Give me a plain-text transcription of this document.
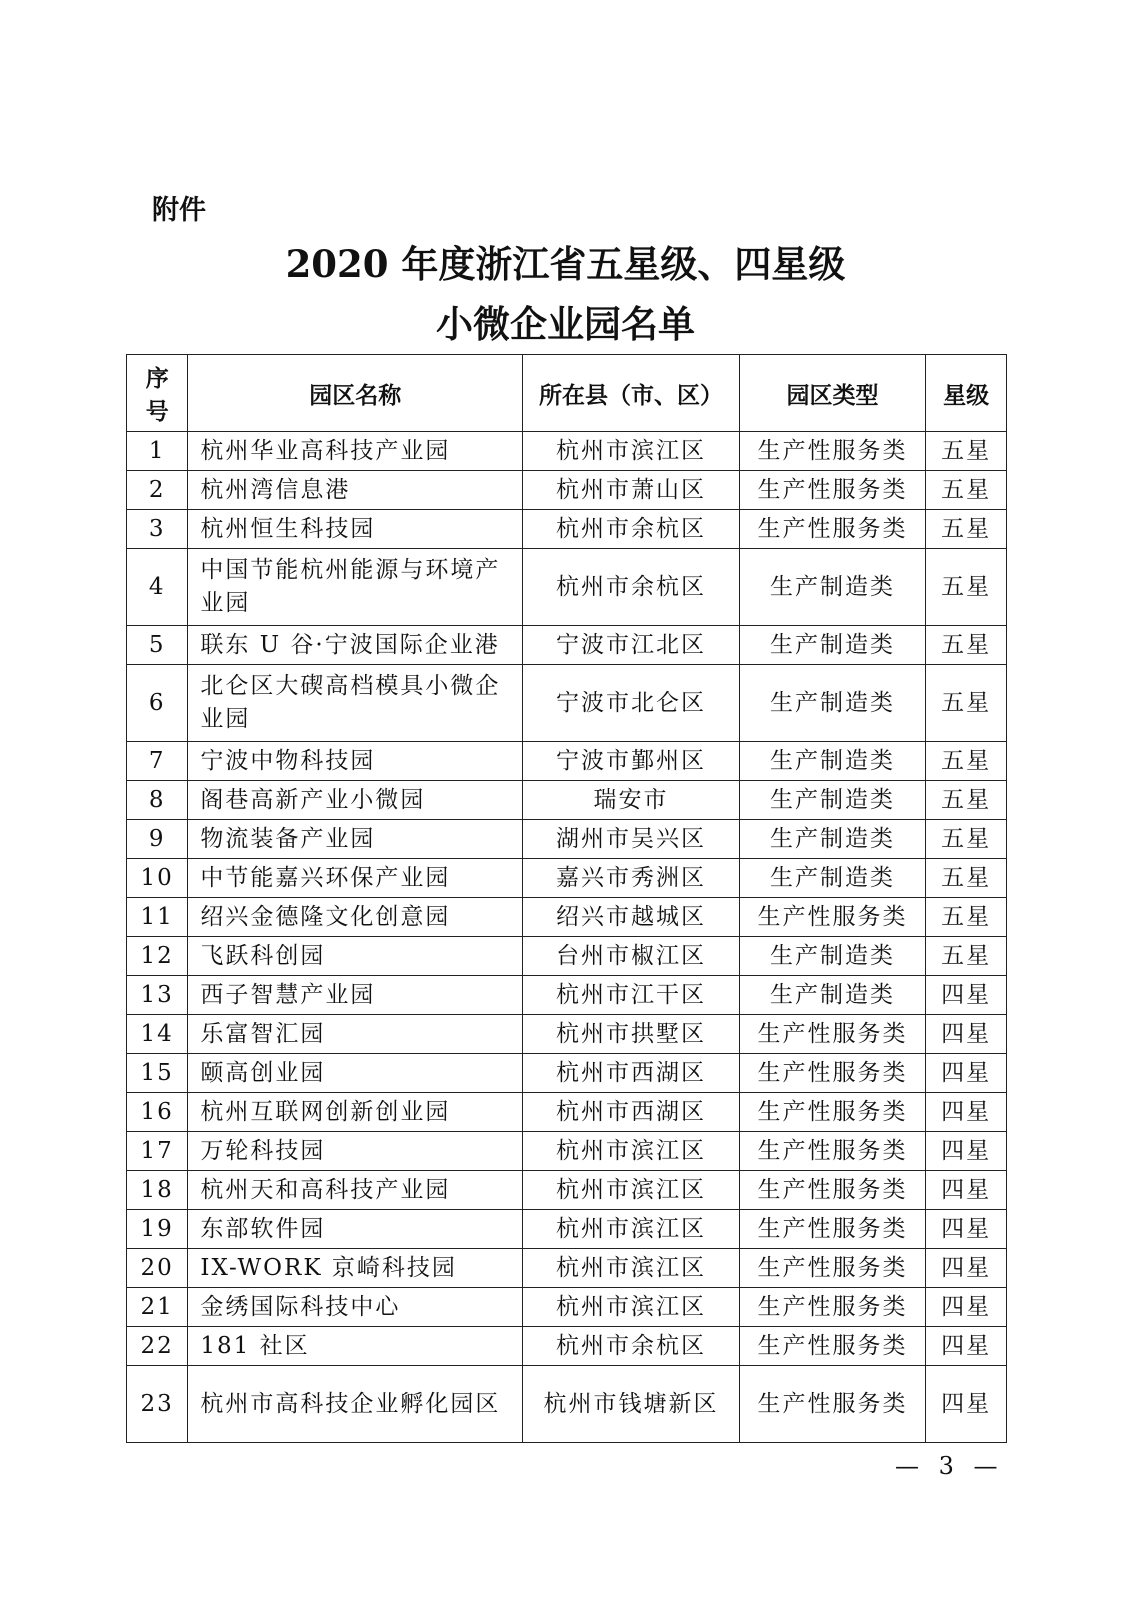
附件
2020 年度浙江省五星级、四星级
小微企业园名单
序
号	园区名称	所在县（市、区）	园区类型	星级
1	杭州华业高科技产业园	杭州市滨江区	生产性服务类	五星
2	杭州湾信息港	杭州市萧山区	生产性服务类	五星
3	杭州恒生科技园	杭州市余杭区	生产性服务类	五星
4	中国节能杭州能源与环境产业园	杭州市余杭区	生产制造类	五星
5	联东 U 谷·宁波国际企业港	宁波市江北区	生产制造类	五星
6	北仑区大碶高档模具小微企业园	宁波市北仑区	生产制造类	五星
7	宁波中物科技园	宁波市鄞州区	生产制造类	五星
8	阁巷高新产业小微园	瑞安市	生产制造类	五星
9	物流装备产业园	湖州市吴兴区	生产制造类	五星
10	中节能嘉兴环保产业园	嘉兴市秀洲区	生产制造类	五星
11	绍兴金德隆文化创意园	绍兴市越城区	生产性服务类	五星
12	飞跃科创园	台州市椒江区	生产制造类	五星
13	西子智慧产业园	杭州市江干区	生产制造类	四星
14	乐富智汇园	杭州市拱墅区	生产性服务类	四星
15	颐高创业园	杭州市西湖区	生产性服务类	四星
16	杭州互联网创新创业园	杭州市西湖区	生产性服务类	四星
17	万轮科技园	杭州市滨江区	生产性服务类	四星
18	杭州天和高科技产业园	杭州市滨江区	生产性服务类	四星
19	东部软件园	杭州市滨江区	生产性服务类	四星
20	IX-WORK 京崎科技园	杭州市滨江区	生产性服务类	四星
21	金绣国际科技中心	杭州市滨江区	生产性服务类	四星
22	181 社区	杭州市余杭区	生产性服务类	四星
23	杭州市高科技企业孵化园区	杭州市钱塘新区	生产性服务类	四星
— 3 —
